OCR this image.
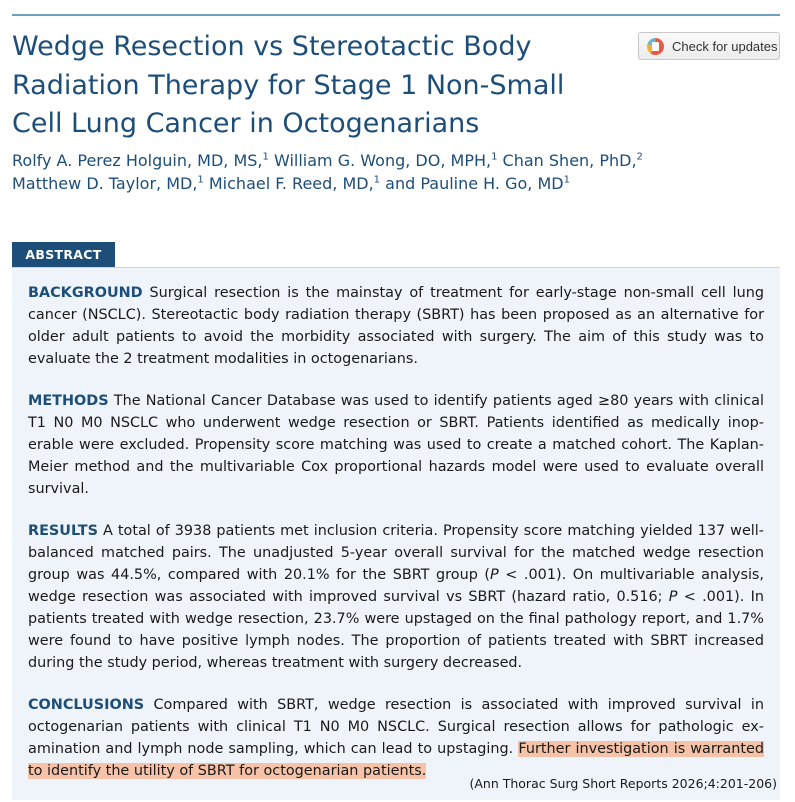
Wedge Resection vs Stereotactic Body Radiation Therapy for Stage 1 Non-Small Cell Lung Cancer in Octogenarians
Check for updates

Rolfy A. Perez Holguin, MD, MS,$^1$ William G. Wong, DO, MPH,$^1$ Chan Shen, PhD,$^2$
Matthew D. Taylor, MD,$^1$ Michael F. Reed, MD,$^1$ and Pauline H. Go, $MD^1$

ABSTRACT

BACKGROUND Surgical resection is the mainstay of treatment for early-stage non-small cell lung cancer (NSCLC). Stereotactic body radiation therapy (SBRT) has been proposed as an alternative for older adult patients to avoid the morbidity associated with surgery. The aim of this study was to evaluate the 2 treatment modalities in octogenarians.

METHODS The National Cancer Database was used to identify patients aged ≥80 years with clinical T1 N0 M0 NSCLC who underwent wedge resection or SBRT. Patients identified as medically inop-erable were excluded. Propensity score matching was used to create a matched cohort. The Kaplan-Meier method and the multivariable Cox proportional hazards model were used to evaluate overall survival.

RESULTS A total of 3938 patients met inclusion criteria. Propensity score matching yielded 137 well-balanced matched pairs. The unadjusted 5-year overall survival for the matched wedge resection group was 44.5%, compared with 20.1% for the SBRT group (P < .001). On multivariable analysis, wedge resection was associated with improved survival vs SBRT (hazard ratio, 0.516; P < .001). In patients treated with wedge resection, 23.7% were upstaged on the final pathology report, and 1.7% were found to have positive lymph nodes. The proportion of patients treated with SBRT increased during the study period, whereas treatment with surgery decreased.

CONCLUSIONS Compared with SBRT, wedge resection is associated with improved survival in octogenarian patients with clinical T1 N0 M0 NSCLC. Surgical resection allows for pathologic ex-amination and lymph node sampling, which can lead to upstaging. Further investigation is warranted to identify the utility of SBRT for octogenarian patients.

(Ann Thorac Surg Short Reports 2026;4:201-206)
